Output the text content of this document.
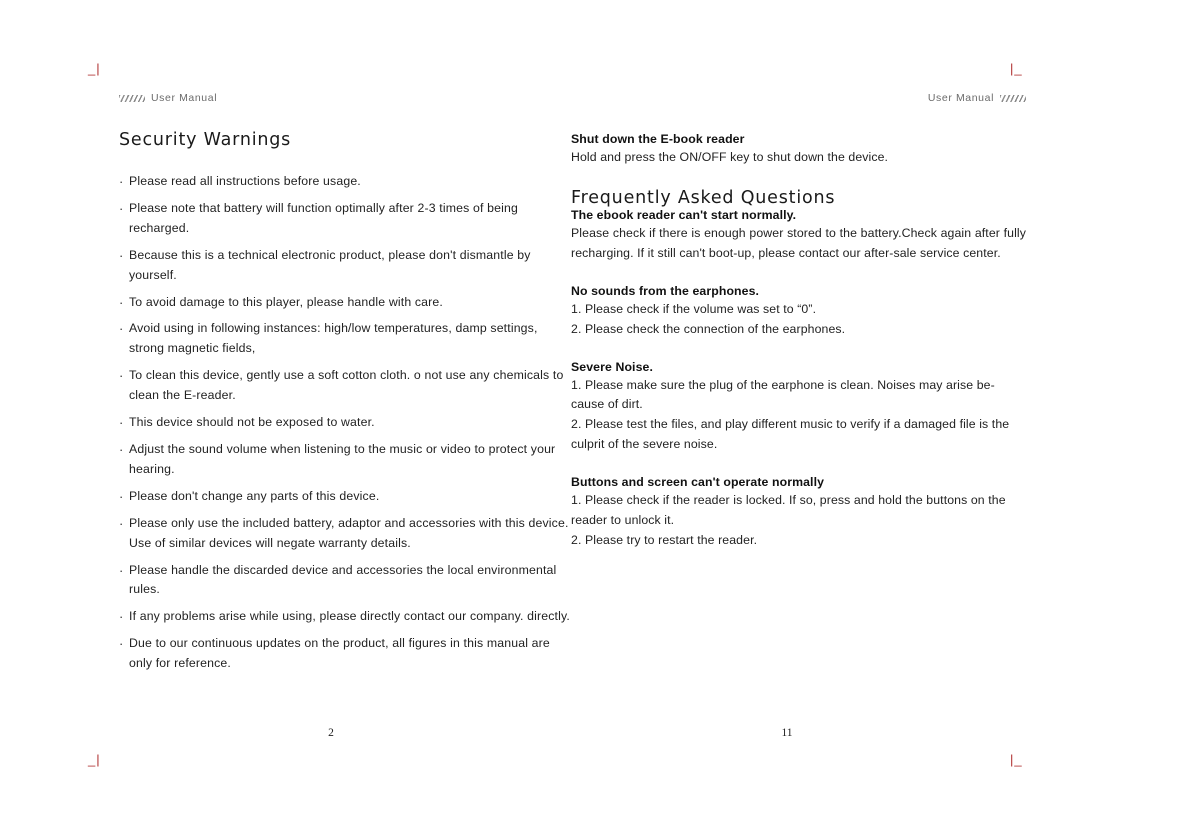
_|	|_
_|	|_
User Manual
Security Warnings
· Please read all instructions before usage.
· Please note that battery will function optimally after 2-3 times of being recharged.
· Because this is a technical electronic product, please don't dismantle by yourself.
· To avoid damage to this player, please handle with care.
· Avoid using in following instances: high/low temperatures, damp settings, strong magnetic fields,
· To clean this device, gently use a soft cotton cloth. o not use any chemicals to clean the E-reader.
· This device should not be exposed to water.
· Adjust the sound volume when listening to the music or video to protect your hearing.
· Please don't change any parts of this device.
· Please only use the included battery, adaptor and accessories with this device. Use of similar devices will negate warranty details.
· Please handle the discarded device and accessories the local environmental rules.
· If any problems arise while using, please directly contact our company. directly.
· Due to our continuous updates on the product, all figures in this manual are only for reference.
2
User Manual

Shut down the E-book reader

Hold and press the ON/OFF key to shut down the device.

Frequently Asked Questions

The ebook reader can't start normally.

Please check if there is enough power stored to the battery.Check again after fully recharging. If it still can't boot-up, please contact our after-sale service center.

No sounds from the earphones.

1. Please check if the volume was set to “0”.

2. Please check the connection of the earphones.

Severe Noise.

1. Please make sure the plug of the earphone is clean. Noises may arise be-cause of dirt.

2. Please test the files, and play different music to verify if a damaged file is the culprit of the severe noise.

Buttons and screen can't operate normally

1. Please check if the reader is locked. If so, press and hold the buttons on the reader to unlock it.

2. Please try to restart the reader.

11
